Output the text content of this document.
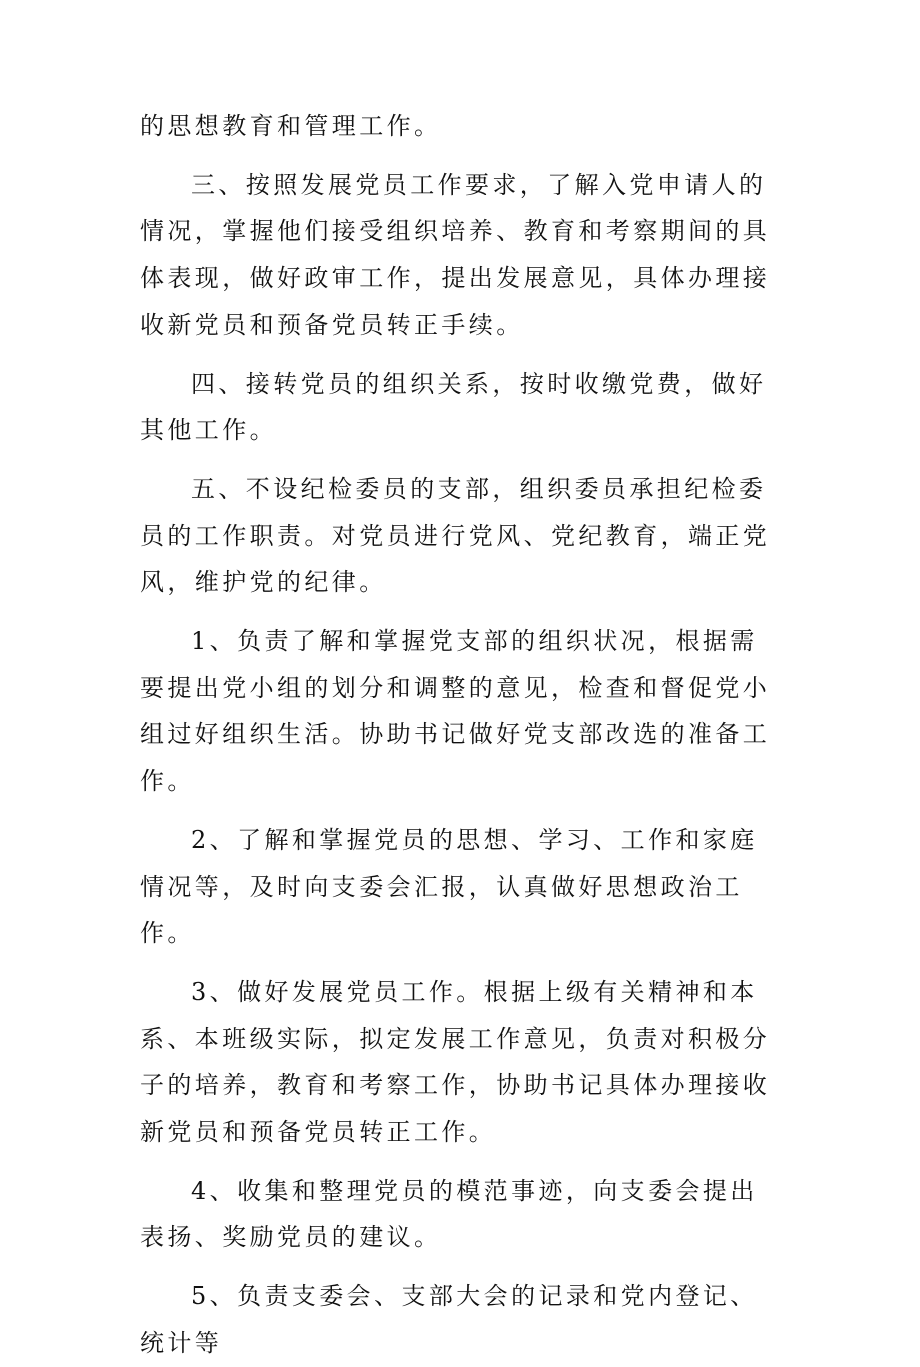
的思想教育和管理工作。

三、按照发展党员工作要求，了解入党申请人的情况，掌握他们接受组织培养、教育和考察期间的具体表现，做好政审工作，提出发展意见，具体办理接收新党员和预备党员转正手续。

四、接转党员的组织关系，按时收缴党费，做好其他工作。

五、不设纪检委员的支部，组织委员承担纪检委员的工作职责。对党员进行党风、党纪教育，端正党风，维护党的纪律。

1、负责了解和掌握党支部的组织状况，根据需要提出党小组的划分和调整的意见，检查和督促党小组过好组织生活。协助书记做好党支部改选的准备工作。

2、了解和掌握党员的思想、学习、工作和家庭情况等，及时向支委会汇报，认真做好思想政治工作。

3、做好发展党员工作。根据上级有关精神和本系、本班级实际，拟定发展工作意见，负责对积极分子的培养，教育和考察工作，协助书记具体办理接收新党员和预备党员转正工作。

4、收集和整理党员的模范事迹，向支委会提出表扬、奖励党员的建议。

5、负责支委会、支部大会的记录和党内登记、统计等
